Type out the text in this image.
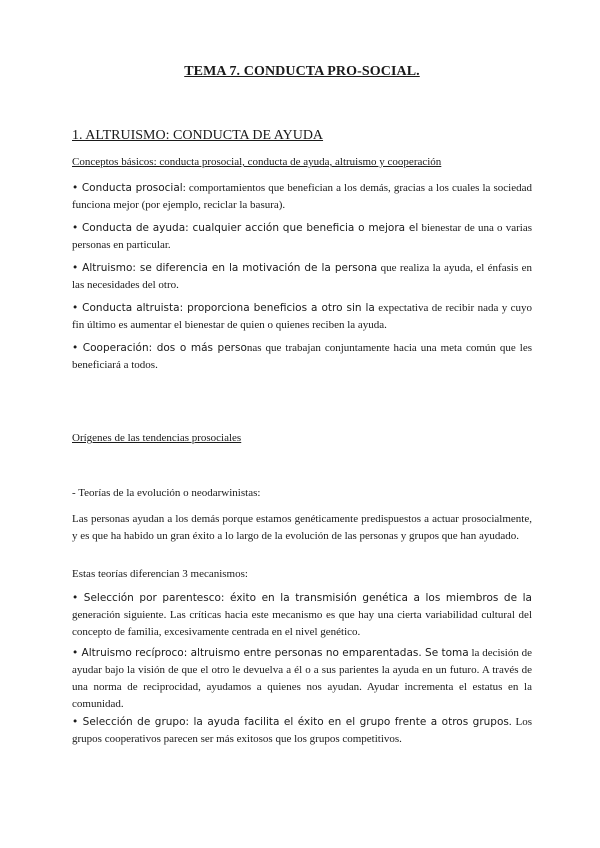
TEMA 7. CONDUCTA PRO-SOCIAL.
1. ALTRUISMO: CONDUCTA DE AYUDA
Conceptos básicos: conducta prosocial, conducta de ayuda, altruismo y cooperación
• Conducta prosocial: comportamientos que benefician a los demás, gracias a los cuales la sociedad funciona mejor (por ejemplo, reciclar la basura).
• Conducta de ayuda: cualquier acción que beneficia o mejora el bienestar de una o varias personas en particular.
• Altruismo: se diferencia en la motivación de la persona que realiza la ayuda, el énfasis en las necesidades del otro.
• Conducta altruista: proporciona beneficios a otro sin la expectativa de recibir nada y cuyo fin último es aumentar el bienestar de quien o quienes reciben la ayuda.
• Cooperación: dos o más personas que trabajan conjuntamente hacia una meta común que les beneficiará a todos.
Orígenes de las tendencias prosociales
- Teorías de la evolución o neodarwinistas:
Las personas ayudan a los demás porque estamos genéticamente predispuestos a actuar prosocialmente, y es que ha habido un gran éxito a lo largo de la evolución de las personas y grupos que han ayudado.
Estas teorías diferencian 3 mecanismos:
• Selección por parentesco: éxito en la transmisión genética a los miembros de la generación siguiente. Las críticas hacia este mecanismo es que hay una cierta variabilidad cultural del concepto de familia, excesivamente centrada en el nivel genético.
• Altruismo recíproco: altruismo entre personas no emparentadas. Se toma la decisión de ayudar bajo la visión de que el otro le devuelva a él o a sus parientes la ayuda en un futuro. A través de una norma de reciprocidad, ayudamos a quienes nos ayudan. Ayudar incrementa el estatus en la comunidad.
• Selección de grupo: la ayuda facilita el éxito en el grupo frente a otros grupos. Los grupos cooperativos parecen ser más exitosos que los grupos competitivos.
